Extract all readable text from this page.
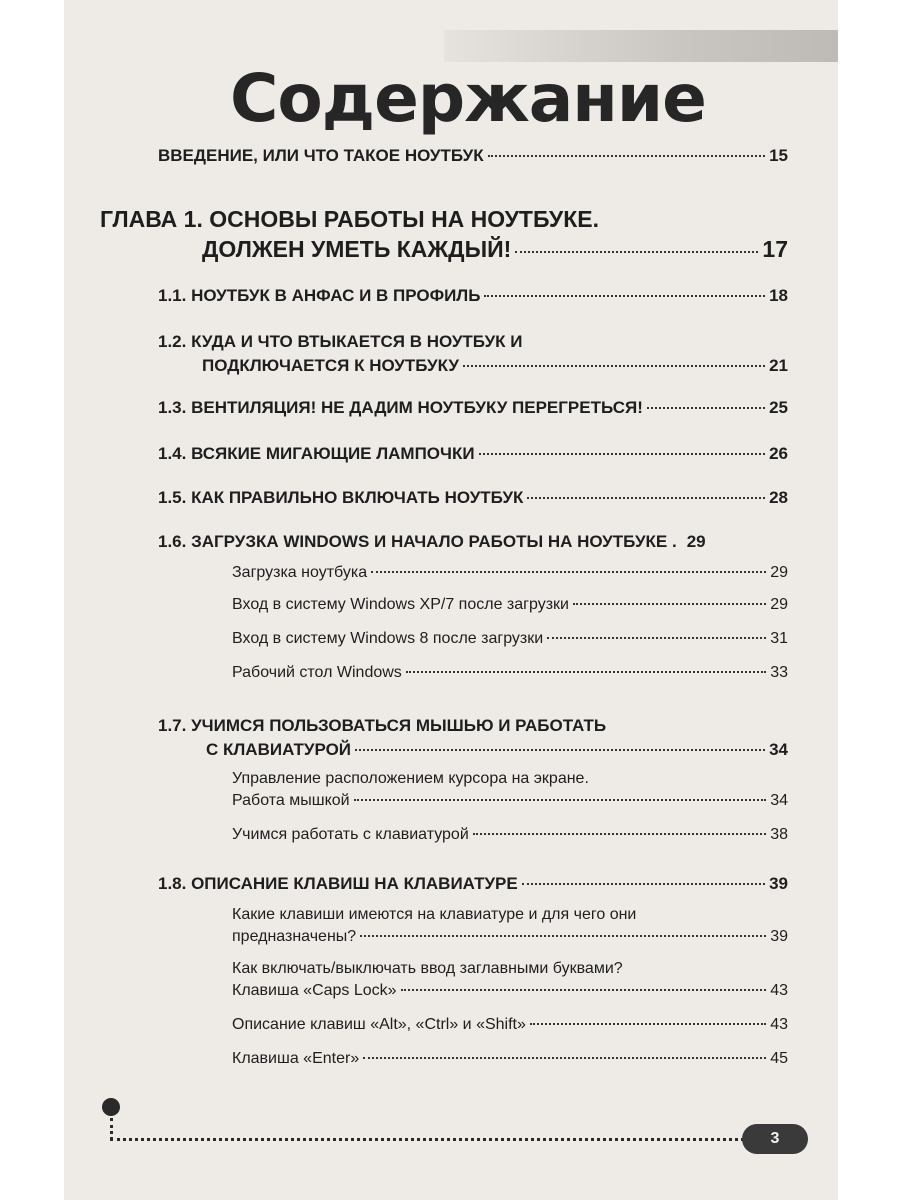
Содержание
ВВЕДЕНИЕ, ИЛИ ЧТО ТАКОЕ НОУТБУК	15
ГЛАВА 1. ОСНОВЫ РАБОТЫ НА НОУТБУКЕ.
ДОЛЖЕН УМЕТЬ КАЖДЫЙ!	17
1.1. НОУТБУК В АНФАС И В ПРОФИЛЬ	18
1.2. КУДА И ЧТО ВТЫКАЕТСЯ В НОУТБУК И
ПОДКЛЮЧАЕТСЯ К НОУТБУКУ	21
1.3. ВЕНТИЛЯЦИЯ! НЕ ДАДИМ НОУТБУКУ ПЕРЕГРЕТЬСЯ!	25
1.4. ВСЯКИЕ МИГАЮЩИЕ ЛАМПОЧКИ	26
1.5. КАК ПРАВИЛЬНО ВКЛЮЧАТЬ НОУТБУК	28
1.6. ЗАГРУЗКА WINDOWS И НАЧАЛО РАБОТЫ НА НОУТБУКЕ . 29
Загрузка ноутбука	29
Вход в систему Windows XP/7 после загрузки	29
Вход в систему Windows 8 после загрузки	31
Рабочий стол Windows	33
1.7. УЧИМСЯ ПОЛЬЗОВАТЬСЯ МЫШЬЮ И РАБОТАТЬ
С КЛАВИАТУРОЙ	34
Управление расположением курсора на экране.
Работа мышкой	34
Учимся работать с клавиатурой	38
1.8. ОПИСАНИЕ КЛАВИШ НА КЛАВИАТУРЕ	39
Какие клавиши имеются на клавиатуре и для чего они
предназначены?	39
Как включать/выключать ввод заглавными буквами?
Клавиша «Caps Lock»	43
Описание клавиш «Alt», «Ctrl» и «Shift»	43
Клавиша «Enter»	45
3
